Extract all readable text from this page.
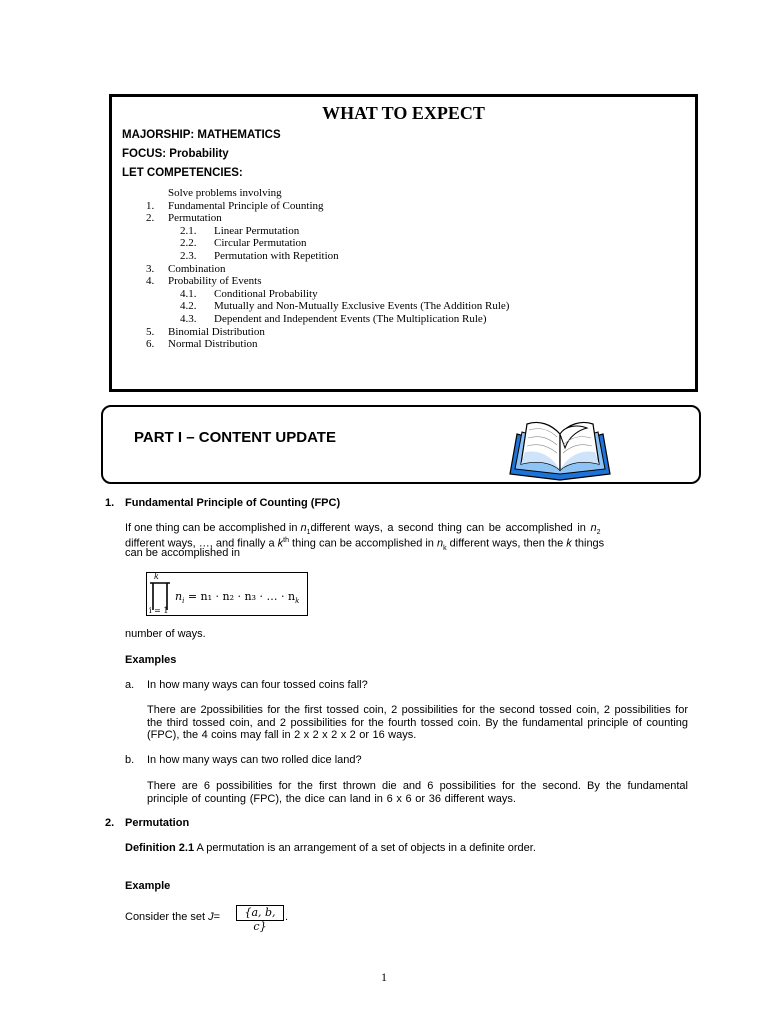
WHAT TO EXPECT
MAJORSHIP: MATHEMATICS
FOCUS: Probability
LET COMPETENCIES:
Solve problems involving
1. Fundamental Principle of Counting
2. Permutation
2.1. Linear Permutation
2.2. Circular Permutation
2.3. Permutation with Repetition
3. Combination
4. Probability of Events
4.1. Conditional Probability
4.2. Mutually and Non-Mutually Exclusive Events (The Addition Rule)
4.3. Dependent and Independent Events (The Multiplication Rule)
5. Binomial Distribution
6. Normal Distribution
PART I – CONTENT UPDATE
1. Fundamental Principle of Counting (FPC)
If one thing can be accomplished in $n_1different$ ways, a second thing can be accomplished in $n_2$
different ways, …, and finally a $k^{th}$ thing can be accomplished in $n_k$ different ways, then the k things
can be accomplished in
k
i = 1
$n_i = n_1 \cdot n_2 \cdot n_3$ · … · $n_k$
number of ways.
Examples
a. In how many ways can four tossed coins fall?
There are 2possibilities for the first tossed coin, 2 possibilities for the second tossed coin, 2 possibilities for the third tossed coin, and 2 possibilities for the fourth tossed coin. By the fundamental principle of counting (FPC), the 4 coins may fall in 2 x 2 x 2 x 2 or 16 ways.
b. In how many ways can two rolled dice land?
There are 6 possibilities for the first thrown die and 6 possibilities for the second. By the fundamental principle of counting (FPC), the dice can land in 6 x 6 or 36 different ways.
2. Permutation
Definition 2.1 A permutation is an arrangement of a set of objects in a definite order.
Example
Consider the set J=	{a, b, c}
.
1
